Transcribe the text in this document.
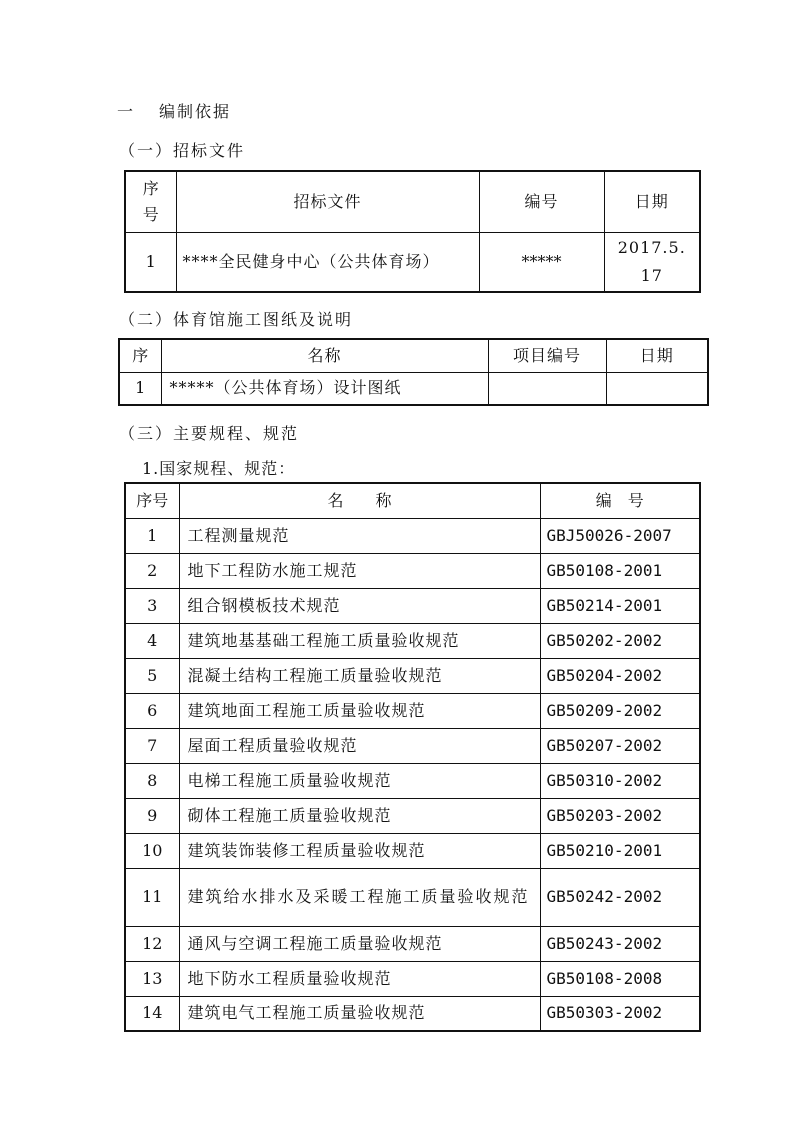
一 编制依据
（一）招标文件
序号	招标文件	编号	日期
1	****全民健身中心（公共体育场）	*****	2017.5.17
（二）体育馆施工图纸及说明
序	名称	项目编号	日期
1	*****（公共体育场）设计图纸		
（三）主要规程、规范
1.国家规程、规范：
序号	名　　称	编　号
1	工程测量规范	GBJ50026-2007
2	地下工程防水施工规范	GB50108-2001
3	组合钢模板技术规范	GB50214-2001
4	建筑地基基础工程施工质量验收规范	GB50202-2002
5	混凝土结构工程施工质量验收规范	GB50204-2002
6	建筑地面工程施工质量验收规范	GB50209-2002
7	屋面工程质量验收规范	GB50207-2002
8	电梯工程施工质量验收规范	GB50310-2002
9	砌体工程施工质量验收规范	GB50203-2002
10	建筑装饰装修工程质量验收规范	GB50210-2001
11	建筑给水排水及采暖工程施工质量验收规范	GB50242-2002
12	通风与空调工程施工质量验收规范	GB50243-2002
13	地下防水工程质量验收规范	GB50108-2008
14	建筑电气工程施工质量验收规范	GB50303-2002
